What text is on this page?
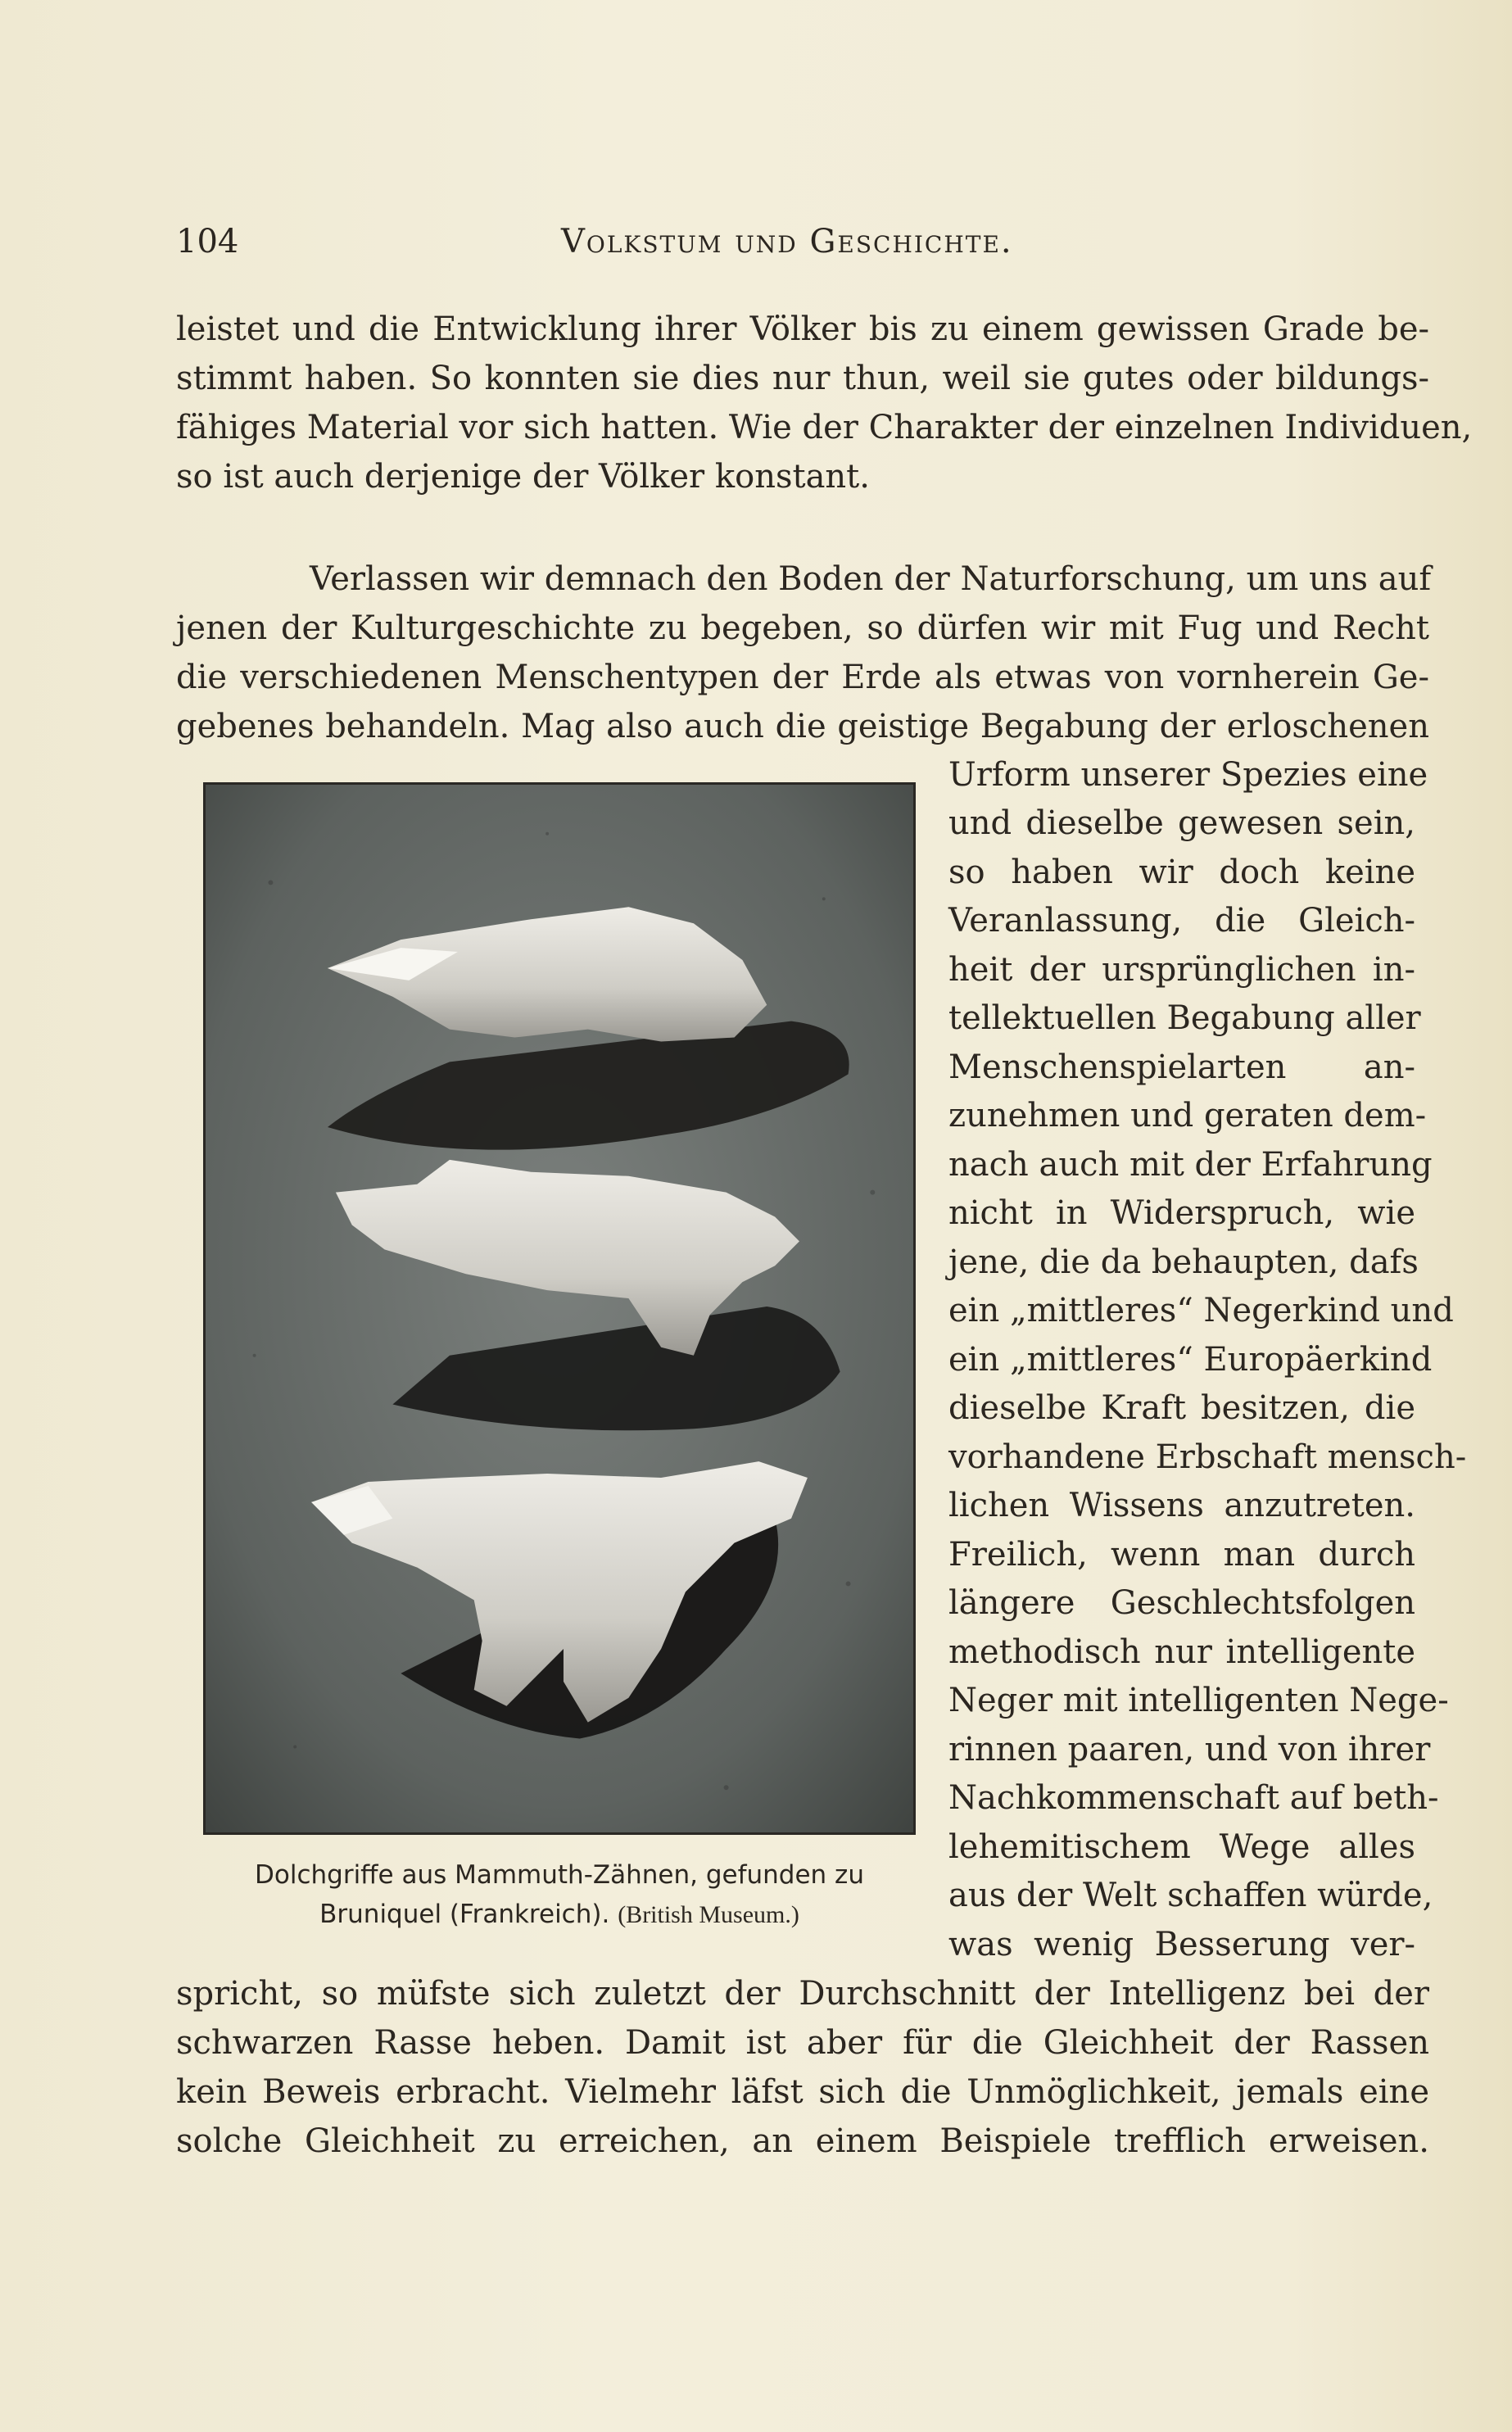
104	Volkstum und Geschichte.
leistet und die Entwicklung ihrer Völker bis zu einem gewissen Grade be-
stimmt haben. So konnten sie dies nur thun, weil sie gutes oder bildungs-
fähiges Material vor sich hatten. Wie der Charakter der einzelnen Individuen,
so ist auch derjenige der Völker konstant.
Verlassen wir demnach den Boden der Naturforschung, um uns auf
jenen der Kulturgeschichte zu begeben, so dürfen wir mit Fug und Recht
die verschiedenen Menschentypen der Erde als etwas von vornherein Ge-
gebenes behandeln. Mag also auch die geistige Begabung der erloschenen
Dolchgriffe aus Mammuth-Zähnen, gefunden zu
Bruniquel (Frankreich). (British Museum.)
Urform unserer Spezies eine
und dieselbe gewesen sein,
so haben wir doch keine
Veranlassung, die Gleich-
heit der ursprünglichen in-
tellektuellen Begabung aller
Menschenspielarten an-
zunehmen und geraten dem-
nach auch mit der Erfahrung
nicht in Widerspruch, wie
jene, die da behaupten, dafs
ein „mittleres“ Negerkind und
ein „mittleres“ Europäerkind
dieselbe Kraft besitzen, die
vorhandene Erbschaft mensch-
lichen Wissens anzutreten.
Freilich, wenn man durch
längere Geschlechtsfolgen
methodisch nur intelligente
Neger mit intelligenten Nege-
rinnen paaren, und von ihrer
Nachkommenschaft auf beth-
lehemitischem Wege alles
aus der Welt schaffen würde,
was wenig Besserung ver-
spricht, so müfste sich zuletzt der Durchschnitt der Intelligenz bei der
schwarzen Rasse heben. Damit ist aber für die Gleichheit der Rassen
kein Beweis erbracht. Vielmehr läfst sich die Unmöglichkeit, jemals eine
solche Gleichheit zu erreichen, an einem Beispiele trefflich erweisen.
